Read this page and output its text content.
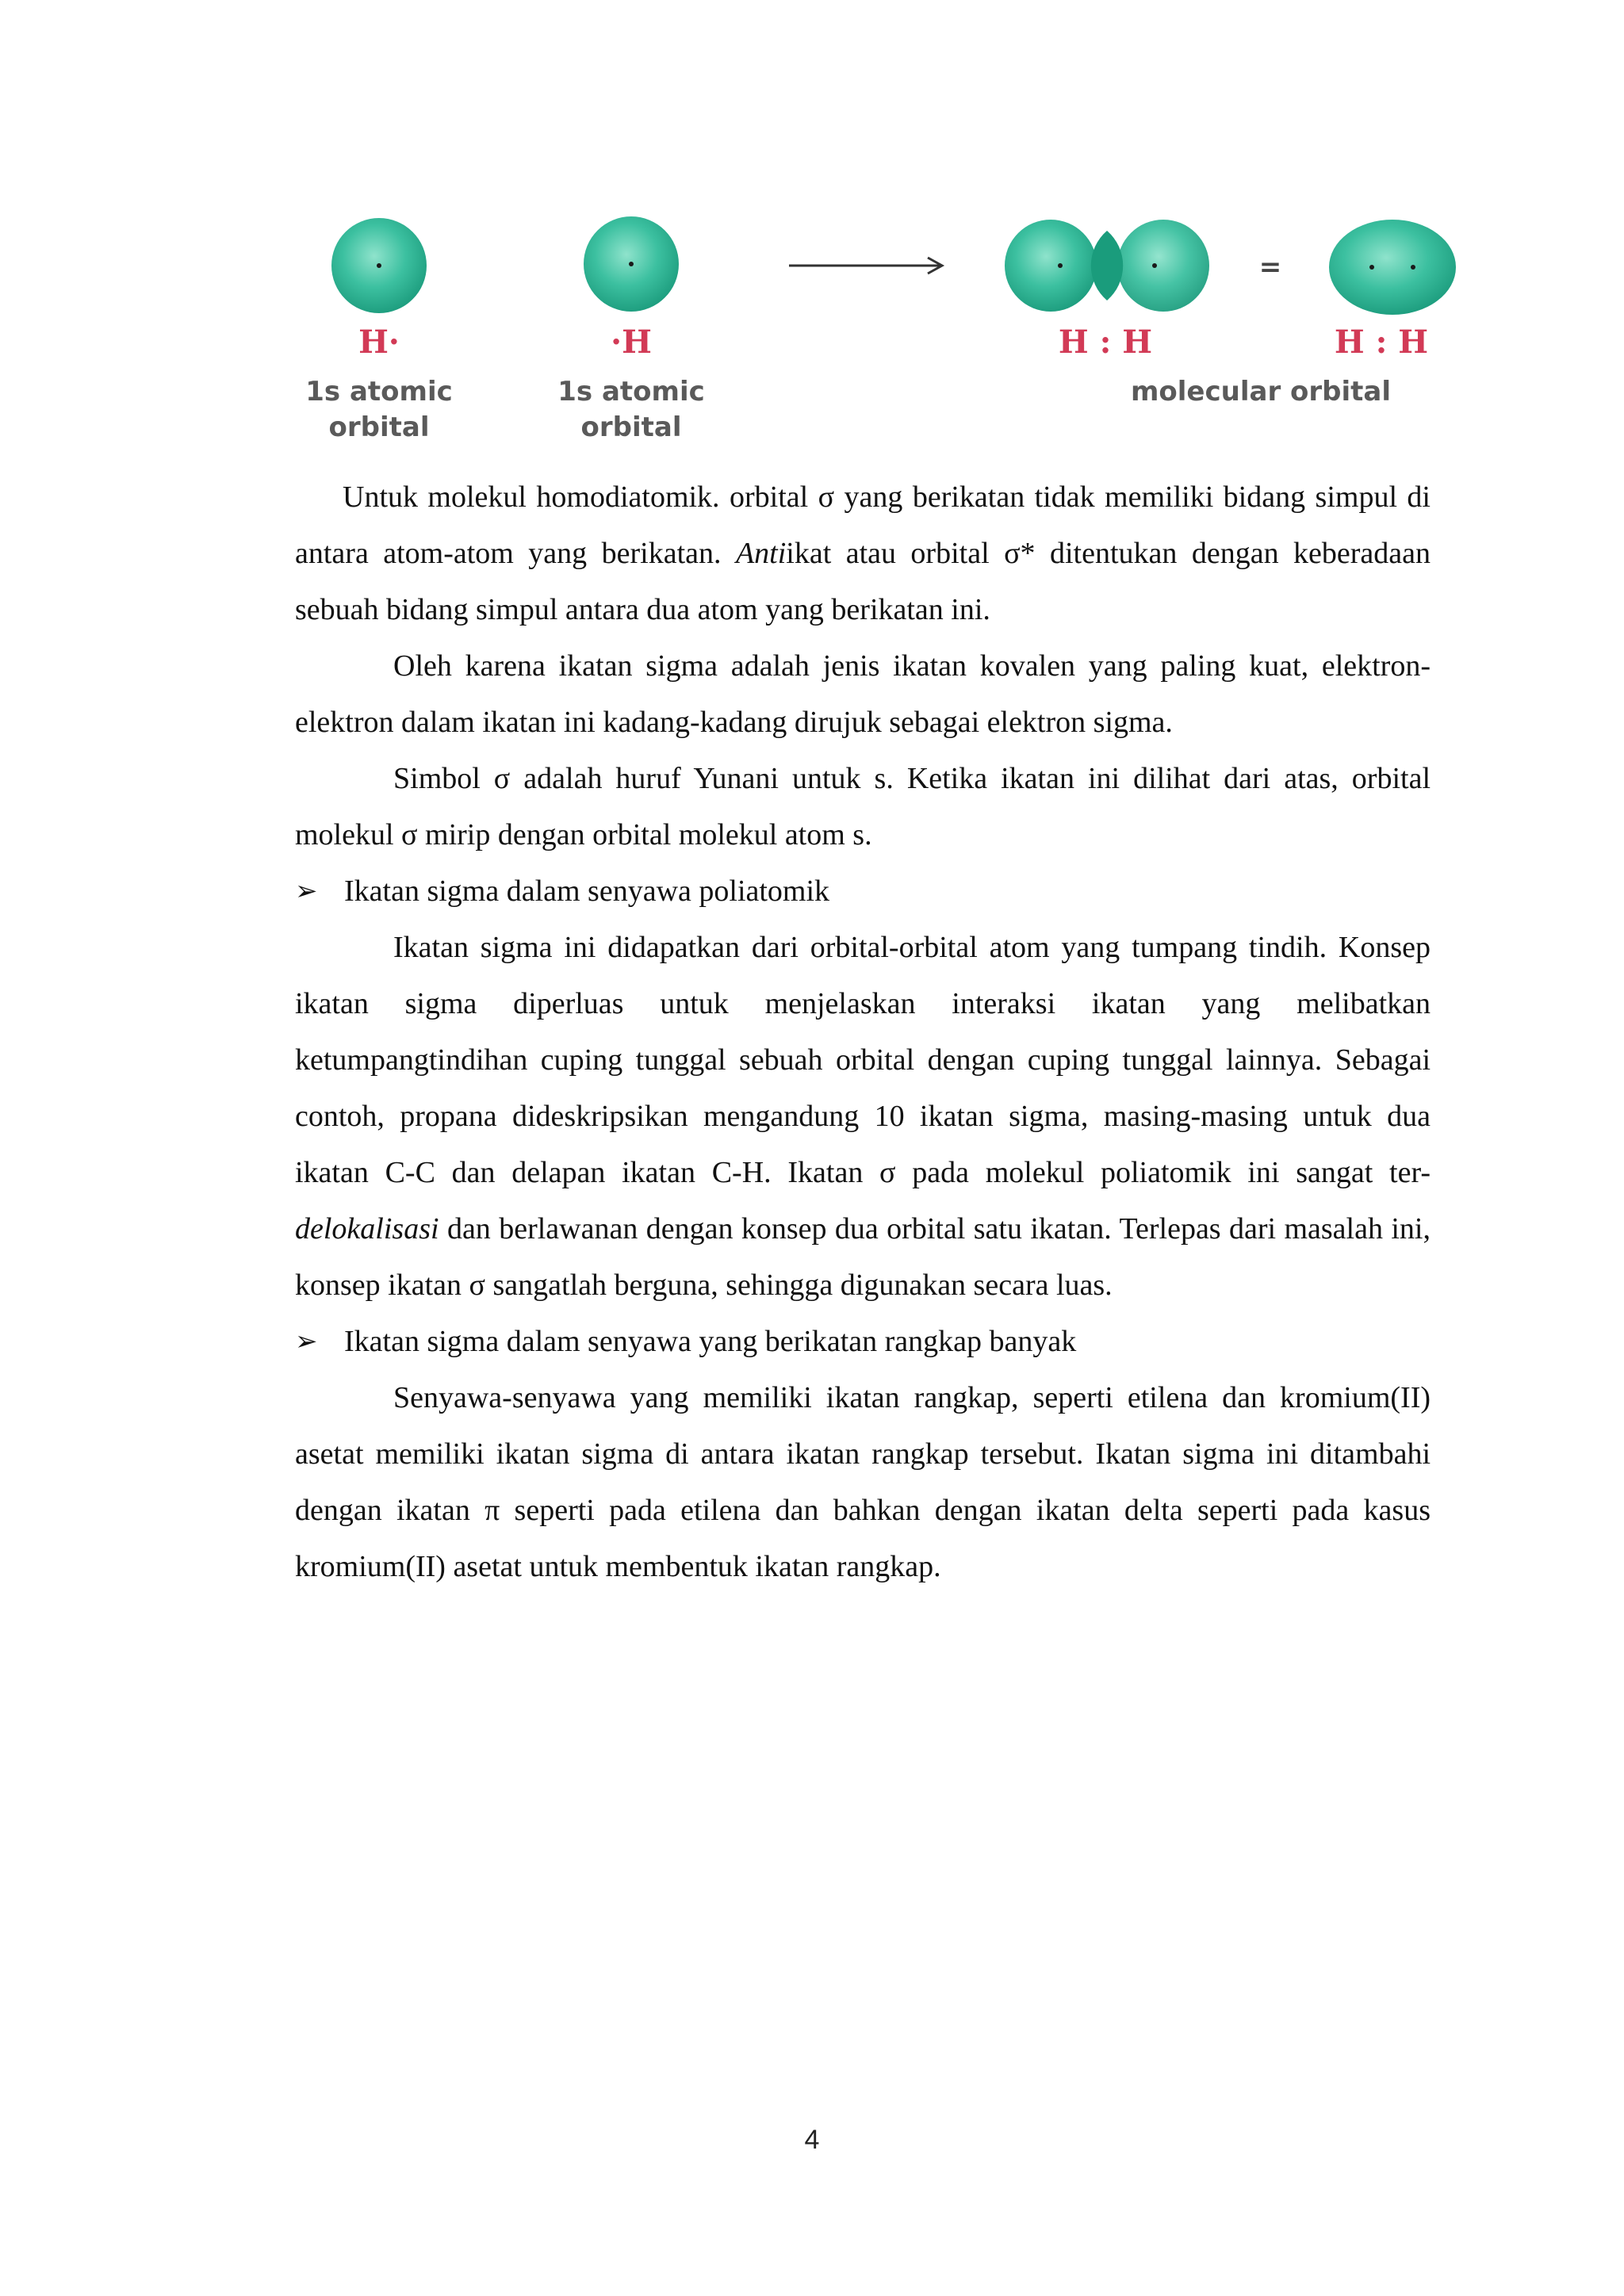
H·
1s atomic
orbital
·H
1s atomic
orbital
H : H
=
H : H
molecular orbital

Untuk molekul homodiatomik. orbital σ yang berikatan tidak memiliki bidang simpul di antara atom-atom yang berikatan. Antiikat atau orbital σ* ditentukan dengan keberadaan sebuah bidang simpul antara dua atom yang berikatan ini.

Oleh karena ikatan sigma adalah jenis ikatan kovalen yang paling kuat, elektron-elektron dalam ikatan ini kadang-kadang dirujuk sebagai elektron sigma.

Simbol σ adalah huruf Yunani untuk s. Ketika ikatan ini dilihat dari atas, orbital molekul σ mirip dengan orbital molekul atom s.

➢ Ikatan sigma dalam senyawa poliatomik

Ikatan sigma ini didapatkan dari orbital-orbital atom yang tumpang tindih. Konsep ikatan sigma diperluas untuk menjelaskan interaksi ikatan yang melibatkan ketumpangtindihan cuping tunggal sebuah orbital dengan cuping tunggal lainnya. Sebagai contoh, propana dideskripsikan mengandung 10 ikatan sigma, masing-masing untuk dua ikatan C-C dan delapan ikatan C-H. Ikatan σ pada molekul poliatomik ini sangat ter-delokalisasi dan berlawanan dengan konsep dua orbital satu ikatan. Terlepas dari masalah ini, konsep ikatan σ sangatlah berguna, sehingga digunakan secara luas.

➢ Ikatan sigma dalam senyawa yang berikatan rangkap banyak

Senyawa-senyawa yang memiliki ikatan rangkap, seperti etilena dan kromium(II) asetat memiliki ikatan sigma di antara ikatan rangkap tersebut. Ikatan sigma ini ditambahi dengan ikatan π seperti pada etilena dan bahkan dengan ikatan delta seperti pada kasus kromium(II) asetat untuk membentuk ikatan rangkap.

4
